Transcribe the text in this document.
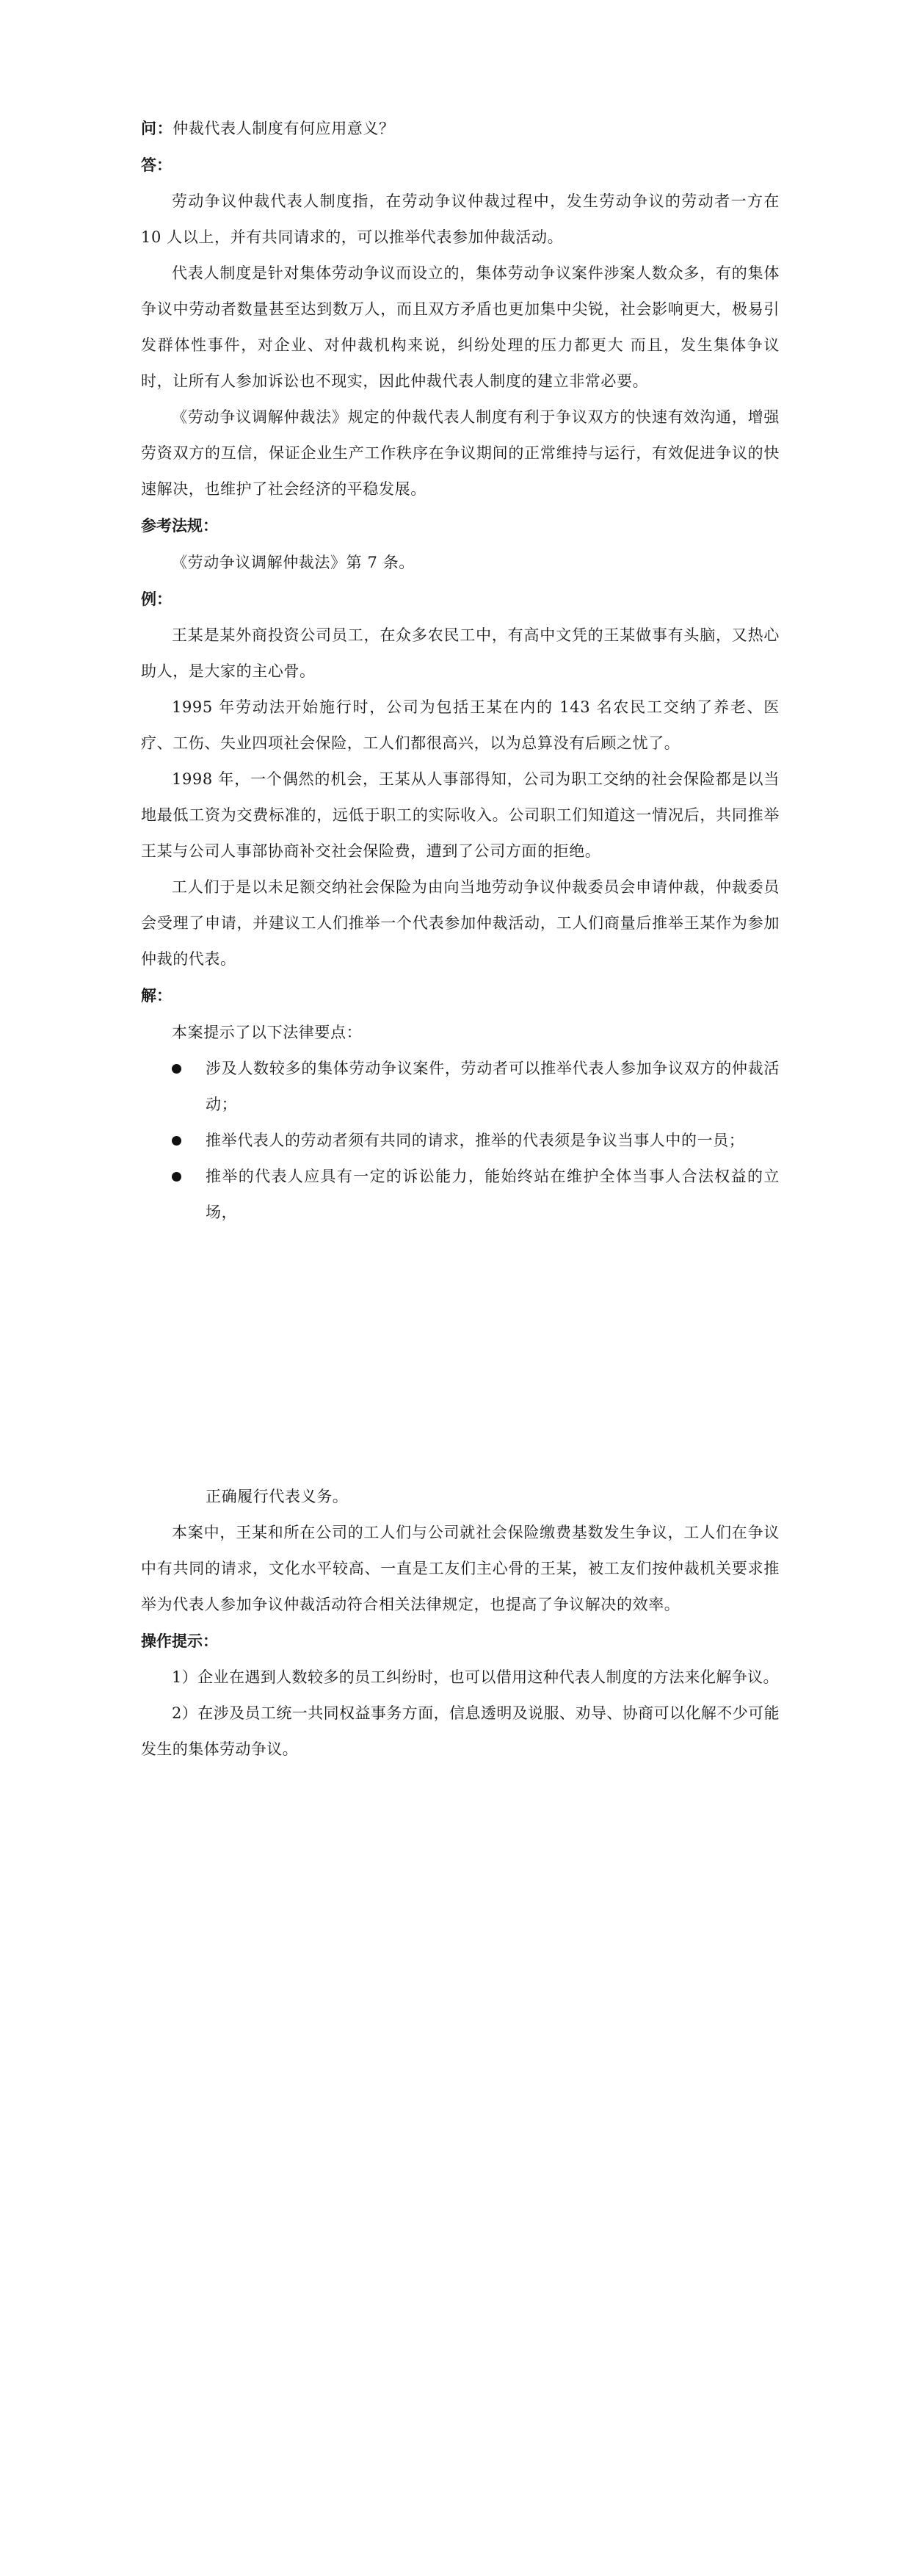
问：仲裁代表人制度有何应用意义？
答：
劳动争议仲裁代表人制度指，在劳动争议仲裁过程中，发生劳动争议的劳动者一方在 10 人以上，并有共同请求的，可以推举代表参加仲裁活动。
代表人制度是针对集体劳动争议而设立的，集体劳动争议案件涉案人数众多，有的集体争议中劳动者数量甚至达到数万人，而且双方矛盾也更加集中尖锐，社会影响更大，极易引发群体性事件，对企业、对仲裁机构来说，纠纷处理的压力都更大 而且，发生集体争议时，让所有人参加诉讼也不现实，因此仲裁代表人制度的建立非常必要。
《劳动争议调解仲裁法》规定的仲裁代表人制度有利于争议双方的快速有效沟通，增强劳资双方的互信，保证企业生产工作秩序在争议期间的正常维持与运行，有效促进争议的快速解决，也维护了社会经济的平稳发展。
参考法规：
《劳动争议调解仲裁法》第 7 条。
例：
王某是某外商投资公司员工，在众多农民工中，有高中文凭的王某做事有头脑，又热心助人，是大家的主心骨。
1995 年劳动法开始施行时，公司为包括王某在内的 143 名农民工交纳了养老、医疗、工伤、失业四项社会保险，工人们都很高兴，以为总算没有后顾之忧了。
1998 年，一个偶然的机会，王某从人事部得知，公司为职工交纳的社会保险都是以当地最低工资为交费标准的，远低于职工的实际收入。公司职工们知道这一情况后，共同推举王某与公司人事部协商补交社会保险费，遭到了公司方面的拒绝。
工人们于是以未足额交纳社会保险为由向当地劳动争议仲裁委员会申请仲裁，仲裁委员会受理了申请，并建议工人们推举一个代表参加仲裁活动，工人们商量后推举王某作为参加仲裁的代表。
解：
本案提示了以下法律要点：
涉及人数较多的集体劳动争议案件，劳动者可以推举代表人参加争议双方的仲裁活动；
推举代表人的劳动者须有共同的请求，推举的代表须是争议当事人中的一员；
推举的代表人应具有一定的诉讼能力，能始终站在维护全体当事人合法权益的立场，
正确履行代表义务。
本案中，王某和所在公司的工人们与公司就社会保险缴费基数发生争议，工人们在争议中有共同的请求，文化水平较高、一直是工友们主心骨的王某，被工友们按仲裁机关要求推举为代表人参加争议仲裁活动符合相关法律规定，也提高了争议解决的效率。
操作提示：
1）企业在遇到人数较多的员工纠纷时，也可以借用这种代表人制度的方法来化解争议。
2）在涉及员工统一共同权益事务方面，信息透明及说服、劝导、协商可以化解不少可能发生的集体劳动争议。
